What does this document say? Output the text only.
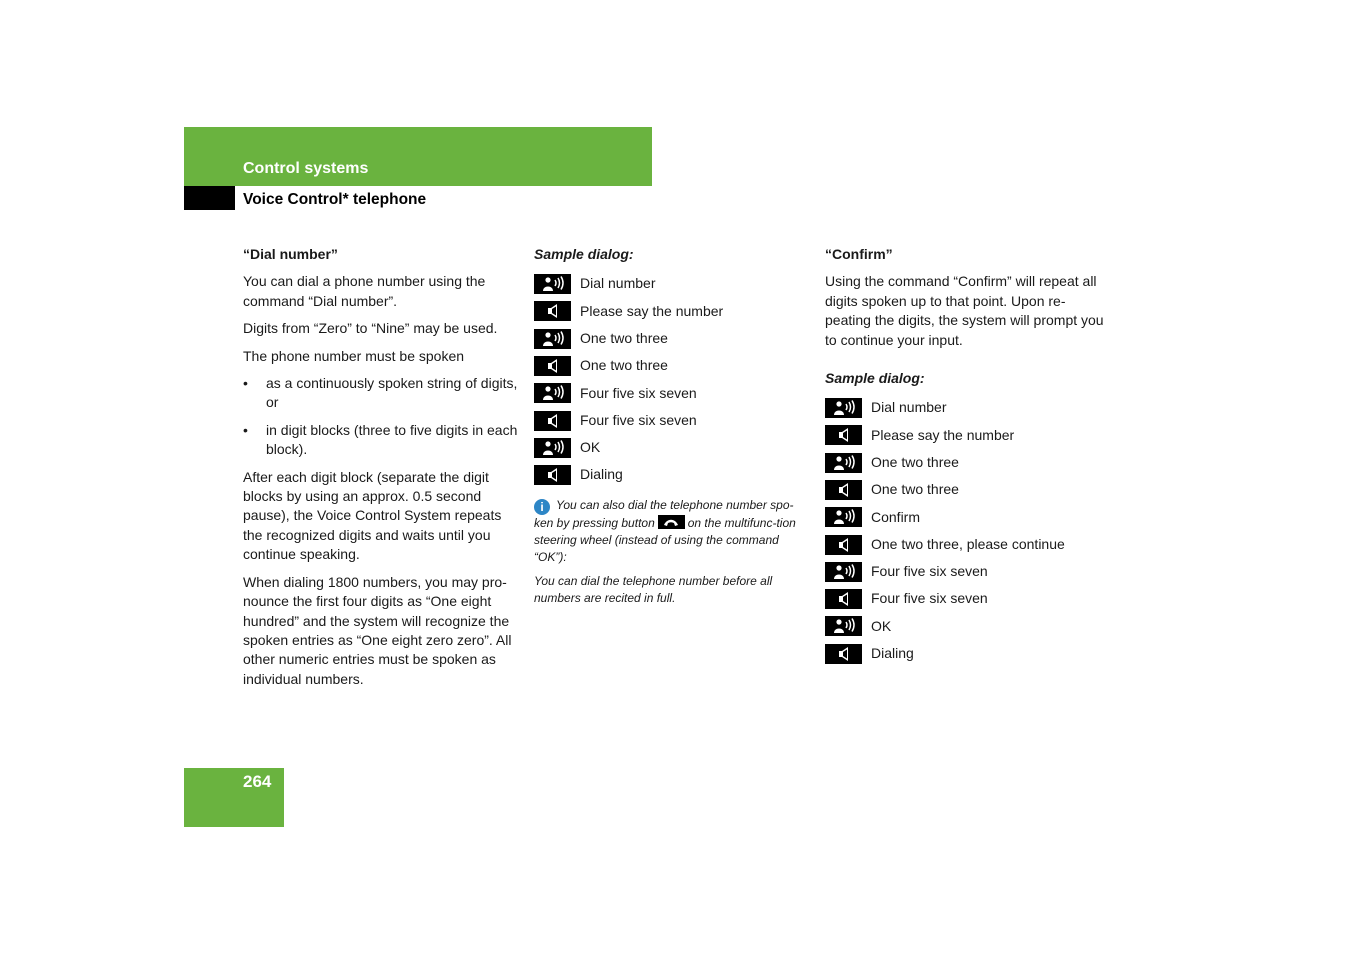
Control systems
Voice Control* telephone

“Dial number”

You can dial a phone number using the command “Dial number”.

Digits from “Zero” to “Nine” may be used.

The phone number must be spoken

• as a continuously spoken string of digits, or
• in digit blocks (three to five digits in each block).

After each digit block (separate the digit blocks by using an approx. 0.5 second pause), the Voice Control System repeats the recognized digits and waits until you continue speaking.

When dialing 1800 numbers, you may pro-nounce the first four digits as “One eight hundred” and the system will recognize the spoken entries as “One eight zero zero”. All other numeric entries must be spoken as individual numbers.

Sample dialog:

Dial number
Please say the number
One two three
One two three
Four five six seven
Four five six seven
OK
Dialing

i You can also dial the telephone number spo-ken by pressing button	on the multifunc-tion steering wheel (instead of using the command “OK”):

You can dial the telephone number before all numbers are recited in full.

“Confirm”

Using the command “Confirm” will repeat all digits spoken up to that point. Upon re-peating the digits, the system will prompt you to continue your input.

Sample dialog:

Dial number
Please say the number
One two three
One two three
Confirm
One two three, please continue
Four five six seven
Four five six seven
OK
Dialing
264
